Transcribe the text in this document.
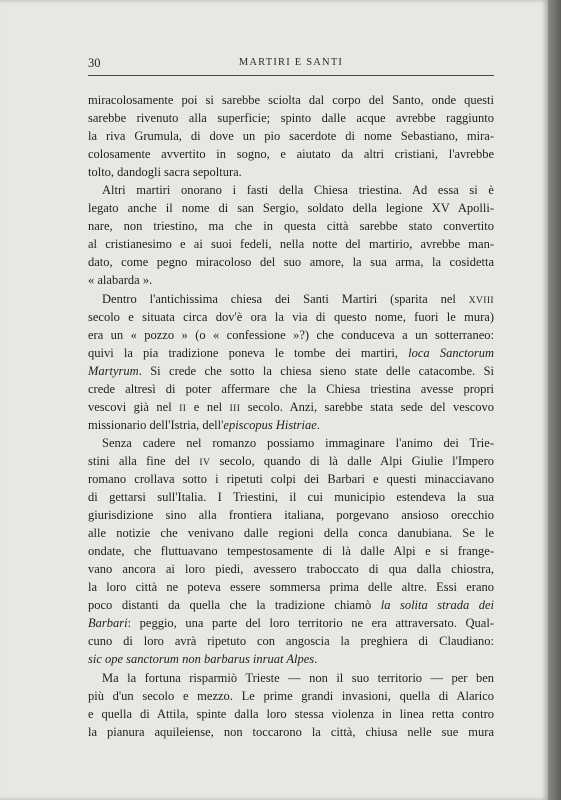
30	MARTIRI E SANTI
miracolosamente poi si sarebbe sciolta dal corpo del Santo, onde questi
sarebbe rivenuto alla superficie; spinto dalle acque avrebbe raggiunto
la riva Grumula, di dove un pio sacerdote di nome Sebastiano, mira-
colosamente avvertito in sogno, e aiutato da altri cristiani, l'avrebbe
tolto, dandogli sacra sepoltura.
Altri martiri onorano i fasti della Chiesa triestina. Ad essa si è
legato anche il nome di san Sergio, soldato della legione XV Apolli-
nare, non triestino, ma che in questa città sarebbe stato convertito
al cristianesimo e ai suoi fedeli, nella notte del martirio, avrebbe man-
dato, come pegno miracoloso del suo amore, la sua arma, la cosidetta
« alabarda ».
Dentro l'antichissima chiesa dei Santi Martiri (sparita nel XVIII
secolo e situata circa dov'è ora la via di questo nome, fuori le mura)
era un « pozzo » (o « confessione »?) che conduceva a un sotterraneo:
quivi la pia tradizione poneva le tombe dei martiri, loca Sanctorum
Martyrum. Si crede che sotto la chiesa sieno state delle catacombe. Si
crede altresì di poter affermare che la Chiesa triestina avesse propri
vescovi già nel II e nel III secolo. Anzi, sarebbe stata sede del vescovo
missionario dell'Istria, dell'episcopus Histriae.
Senza cadere nel romanzo possiamo immaginare l'animo dei Trie-
stini alla fine del IV secolo, quando di là dalle Alpi Giulie l'Impero
romano crollava sotto i ripetuti colpi dei Barbari e questi minacciavano
di gettarsi sull'Italia. I Triestini, il cui municipio estendeva la sua
giurisdizione sino alla frontiera italiana, porgevano ansioso orecchio
alle notizie che venivano dalle regioni della conca danubiana. Se le
ondate, che fluttuavano tempestosamente di là dalle Alpi e si frange-
vano ancora ai loro piedi, avessero traboccato di qua dalla chiostra,
la loro città ne poteva essere sommersa prima delle altre. Essi erano
poco distanti da quella che la tradizione chiamò la solita strada dei
Barbari: peggio, una parte del loro territorio ne era attraversato. Qual-
cuno di loro avrà ripetuto con angoscia la preghiera di Claudiano:
sic ope sanctorum non barbarus inruat Alpes.
Ma la fortuna risparmiò Trieste — non il suo territorio — per ben
più d'un secolo e mezzo. Le prime grandi invasioni, quella di Alarico
e quella di Attila, spinte dalla loro stessa violenza in linea retta contro
la pianura aquileiense, non toccarono la città, chiusa nelle sue mura
